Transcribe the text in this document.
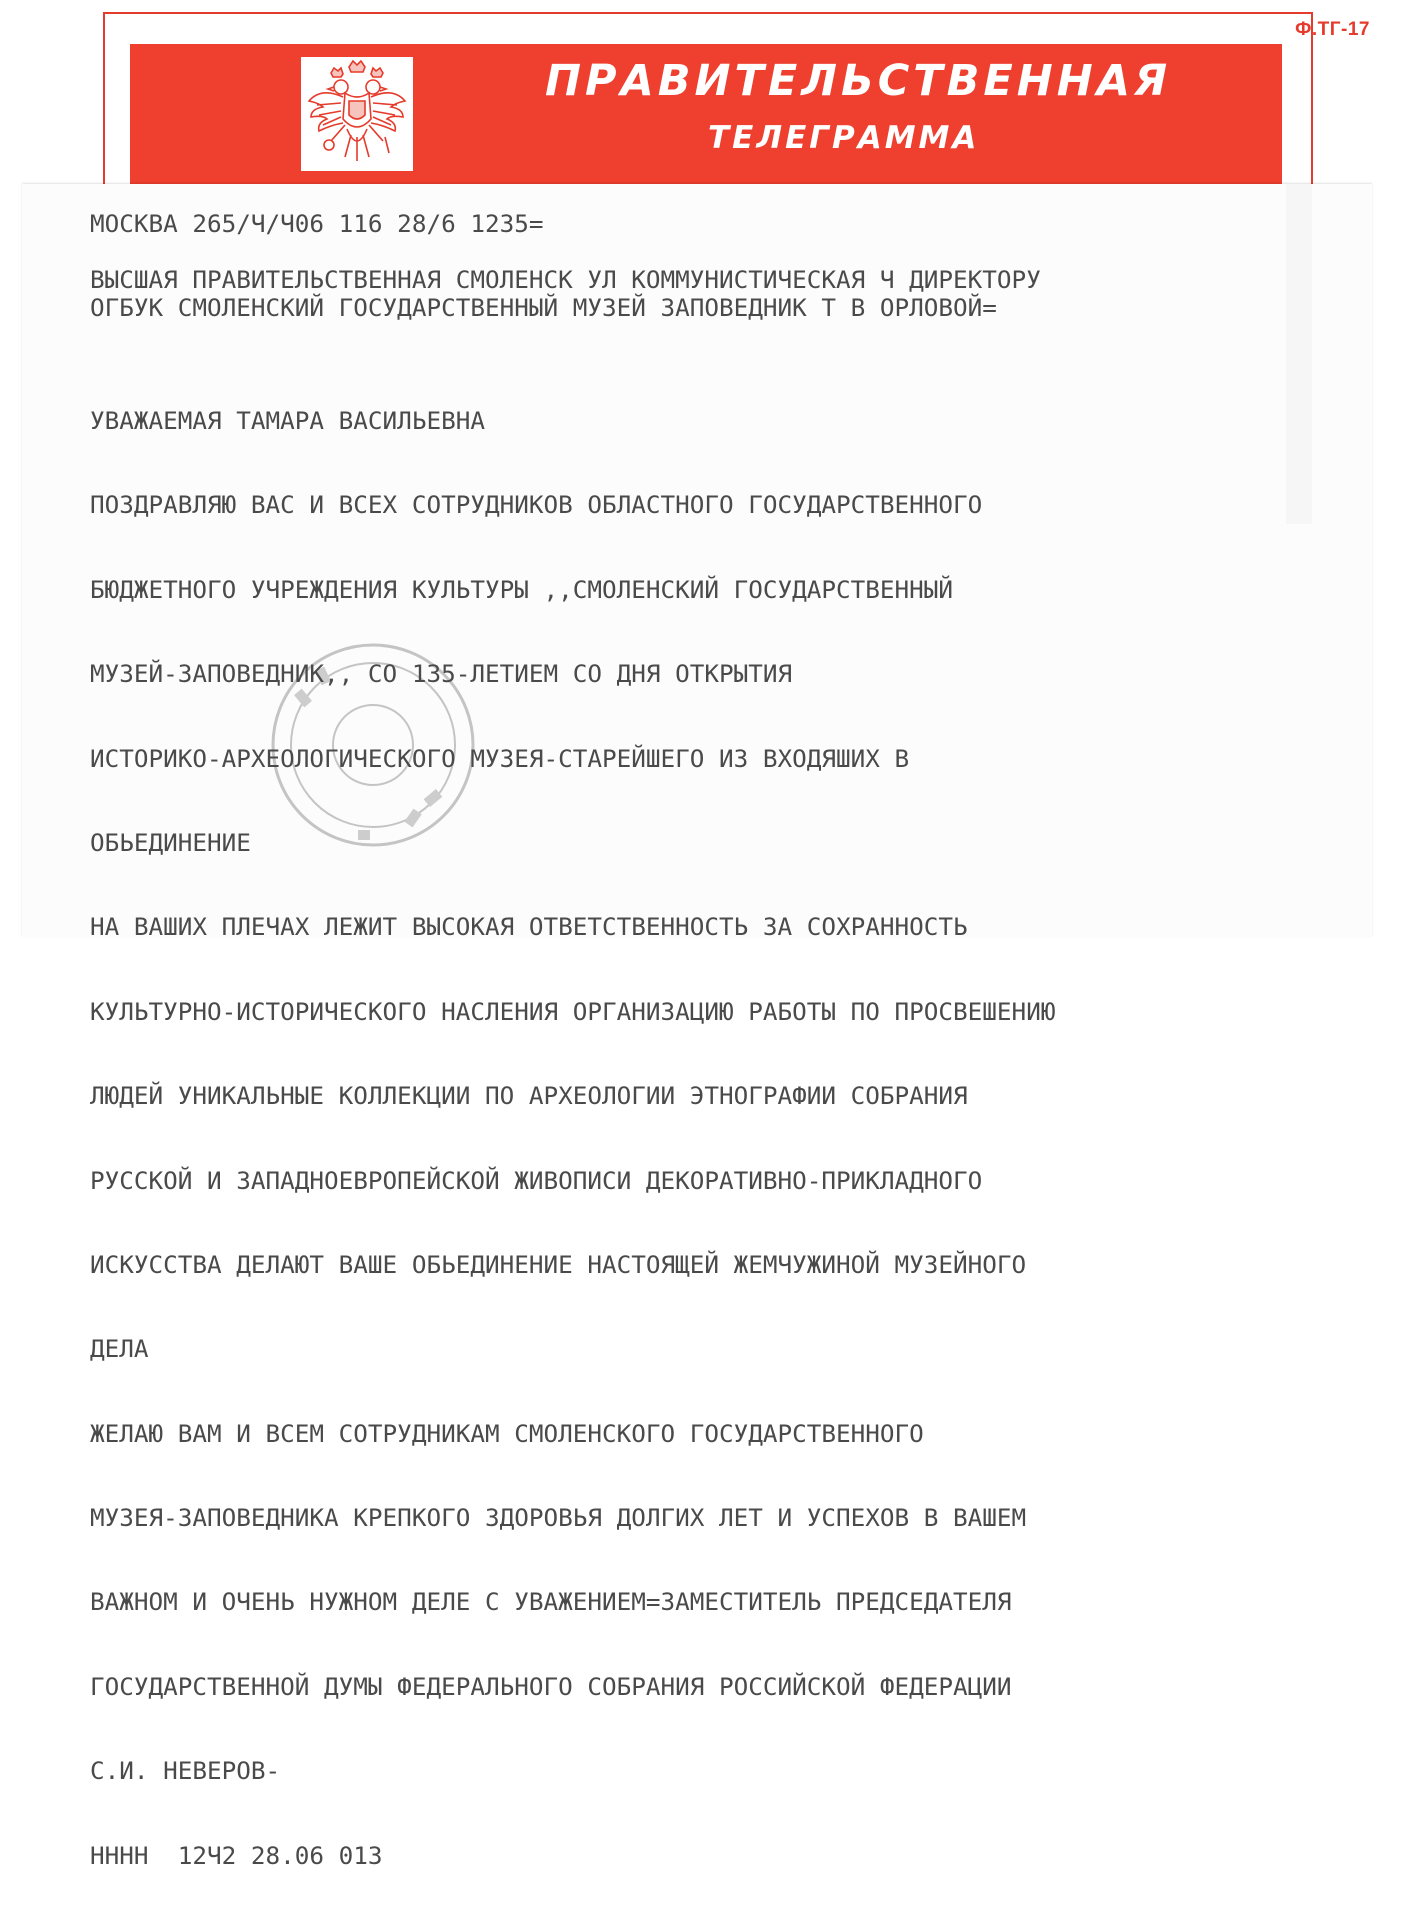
Ф.ТГ-17
ПРАВИТЕЛЬСТВЕННАЯ
ТЕЛЕГРАММА
МОСКВА 265/Ч/Ч06 116 28/6 1235=
ВЫСШАЯ ПРАВИТЕЛЬСТВЕННАЯ СМОЛЕНСК УЛ КОММУНИСТИЧЕСКАЯ Ч ДИРЕКТОРУ
ОГБУК СМОЛЕНСКИЙ ГОСУДАРСТВЕННЫЙ МУЗЕЙ ЗАПОВЕДНИК Т В ОРЛОВОЙ=

УВАЖАЕМАЯ ТАМАРА ВАСИЛЬЕВНА

ПОЗДРАВЛЯЮ ВАС И ВСЕХ СОТРУДНИКОВ ОБЛАСТНОГО ГОСУДАРСТВЕННОГО

БЮДЖЕТНОГО УЧРЕЖДЕНИЯ КУЛЬТУРЫ ,,СМОЛЕНСКИЙ ГОСУДАРСТВЕННЫЙ

МУЗЕЙ-ЗАПОВЕДНИК,, СО 135-ЛЕТИЕМ СО ДНЯ ОТКРЫТИЯ

ИСТОРИКО-АРХЕОЛОГИЧЕСКОГО МУЗЕЯ-СТАРЕЙШЕГО ИЗ ВХОДЯШИХ В

ОБЬЕДИНЕНИЕ

НА ВАШИХ ПЛЕЧАХ ЛЕЖИТ ВЫСОКАЯ ОТВЕТСТВЕННОСТЬ ЗА СОХРАННОСТЬ

КУЛЬТУРНО-ИСТОРИЧЕСКОГО НАСЛЕНИЯ ОРГАНИЗАЦИЮ РАБОТЫ ПО ПРОСВЕШЕНИЮ

ЛЮДЕЙ УНИКАЛЬНЫЕ КОЛЛЕКЦИИ ПО АРХЕОЛОГИИ ЭТНОГРАФИИ СОБРАНИЯ

РУССКОЙ И ЗАПАДНОЕВРОПЕЙСКОЙ ЖИВОПИСИ ДЕКОРАТИВНО-ПРИКЛАДНОГО

ИСКУССТВА ДЕЛАЮТ ВАШЕ ОБЬЕДИНЕНИЕ НАСТОЯЩЕЙ ЖЕМЧУЖИНОЙ МУЗЕЙНОГО

ДЕЛА

ЖЕЛАЮ ВАМ И ВСЕМ СОТРУДНИКАМ СМОЛЕНСКОГО ГОСУДАРСТВЕННОГО

МУЗЕЯ-ЗАПОВЕДНИКА КРЕПКОГО ЗДОРОВЬЯ ДОЛГИХ ЛЕТ И УСПЕХОВ В ВАШЕМ

ВАЖНОМ И ОЧЕНЬ НУЖНОМ ДЕЛЕ С УВАЖЕНИЕМ=ЗАМЕСТИТЕЛЬ ПРЕДСЕДАТЕЛЯ

ГОСУДАРСТВЕННОЙ ДУМЫ ФЕДЕРАЛЬНОГО СОБРАНИЯ РОССИЙСКОЙ ФЕДЕРАЦИИ

С.И. НЕВЕРОВ-

НННН  12Ч2 28.06 013
